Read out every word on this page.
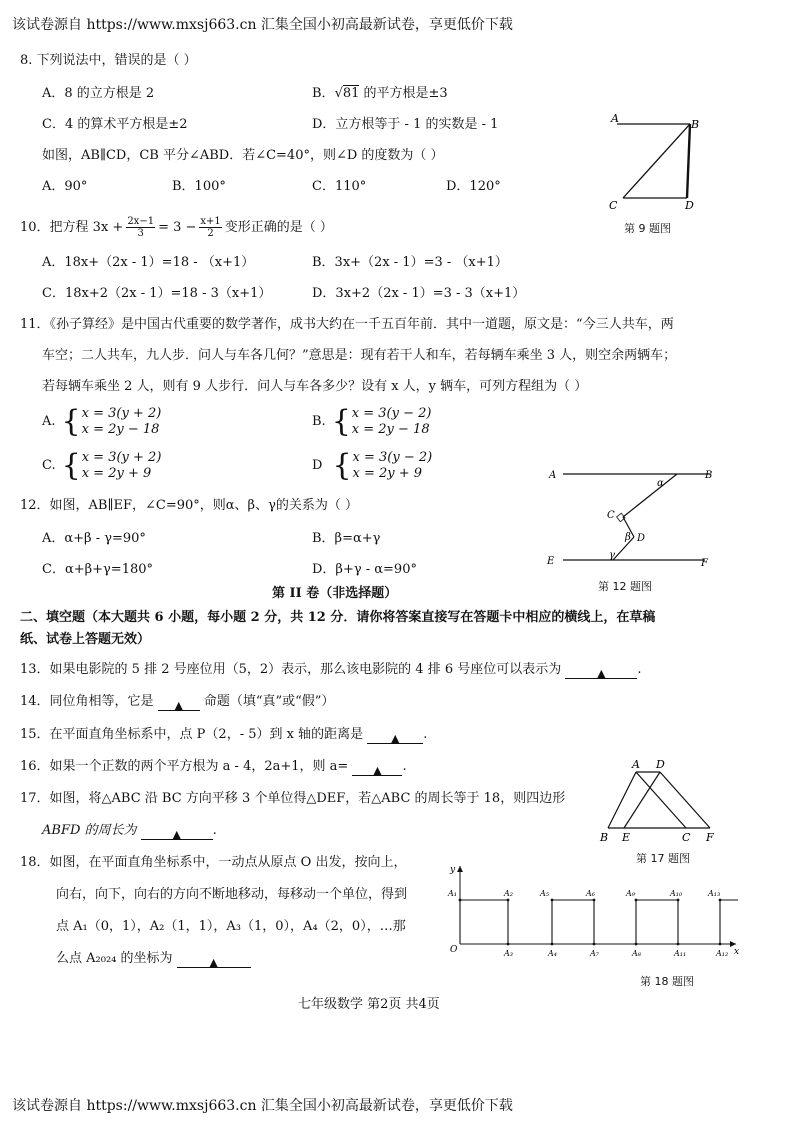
该试卷源自 https://www.mxsj663.cn 汇集全国小初高最新试卷，享更低价下载
8. 下列说法中，错误的是（ ）
A．8 的立方根是 2	B．√81 的平方根是±3
C．4 的算术平方根是±2	D．立方根等于 - 1 的实数是 - 1
如图，AB∥CD，CB 平分∠ABD．若∠C=40°，则∠D 的度数为（ ）
A．90°	B．100°	C．110°	D．120°
A	B
C	D
第 9 题图
10．把方程 $3x + \frac{2x-1}{3} = 3 - \frac{x+1}{2}$ 变形正确的是（ ）
A．18x+（2x - 1）=18 - （x+1）	B．3x+（2x - 1）=3 - （x+1）
C．18x+2（2x - 1）=18 - 3（x+1）	D．3x+2（2x - 1）=3 - 3（x+1）
11．《孙子算经》是中国古代重要的数学著作，成书大约在一千五百年前．其中一道题，原文是：“今三人共车，两
车空；二人共车，九人步．问人与车各几何？”意思是：现有若干人和车，若每辆车乘坐 3 人，则空余两辆车；
若每辆车乘坐 2 人，则有 9 人步行．问人与车各多少？设有 x 人，y 辆车，可列方程组为（ ）
A. { x = 3(y + 2)
x = 2y − 18
B. { x = 3(y − 2)
x = 2y − 18
C. { x = 3(y + 2)
x = 2y + 9
D { x = 3(y − 2)
x = 2y + 9
12．如图，AB∥EF，∠C=90°，则α、β、γ的关系为（ ）
A．α+β - γ=90°	B．β=α+γ
C．α+β+γ=180°	D．β+γ - α=90°
A	B
C
D
E	F
α
β
γ
第 12 题图
第 II 卷（非选择题）
二、填空题（本大题共 6 小题，每小题 2 分，共 12 分．请你将答案直接写在答题卡中相应的横线上，在草稿
纸、试卷上答题无效）
13．如果电影院的 5 排 2 号座位用（5，2）表示，那么该电影院的 4 排 6 号座位可以表示为	▲ .
14．同位角相等，它是 ▲ 命题（填“真”或“假”）
15．在平面直角坐标系中，点 P（2，- 5）到 x 轴的距离是	▲ .
16．如果一个正数的两个平方根为 a - 4，2a+1，则 a= ▲ .
17．如图，将△ABC 沿 BC 方向平移 3 个单位得△DEF，若△ABC 的周长等于 18，则四边形
ABFD 的周长为	▲ .
A D
B E	C F
第 17 题图
18．如图，在平面直角坐标系中，一动点从原点 O 出发，按向上，
向右，向下，向右的方向不断地移动，每移动一个单位，得到
点 A₁（0，1），A₂（1，1），A₃（1，0），A₄（2，0），…那
么点 A₂₀₂₄ 的坐标为	▲
y
x
O
A₁	A₂	A₅	A₆	A₉	A₁₀	A₁₃
A₃	A₄	A₇	A₈	A₁₁	A₁₂
第 18 题图
七年级数学 第2页 共4页
该试卷源自 https://www.mxsj663.cn 汇集全国小初高最新试卷，享更低价下载
